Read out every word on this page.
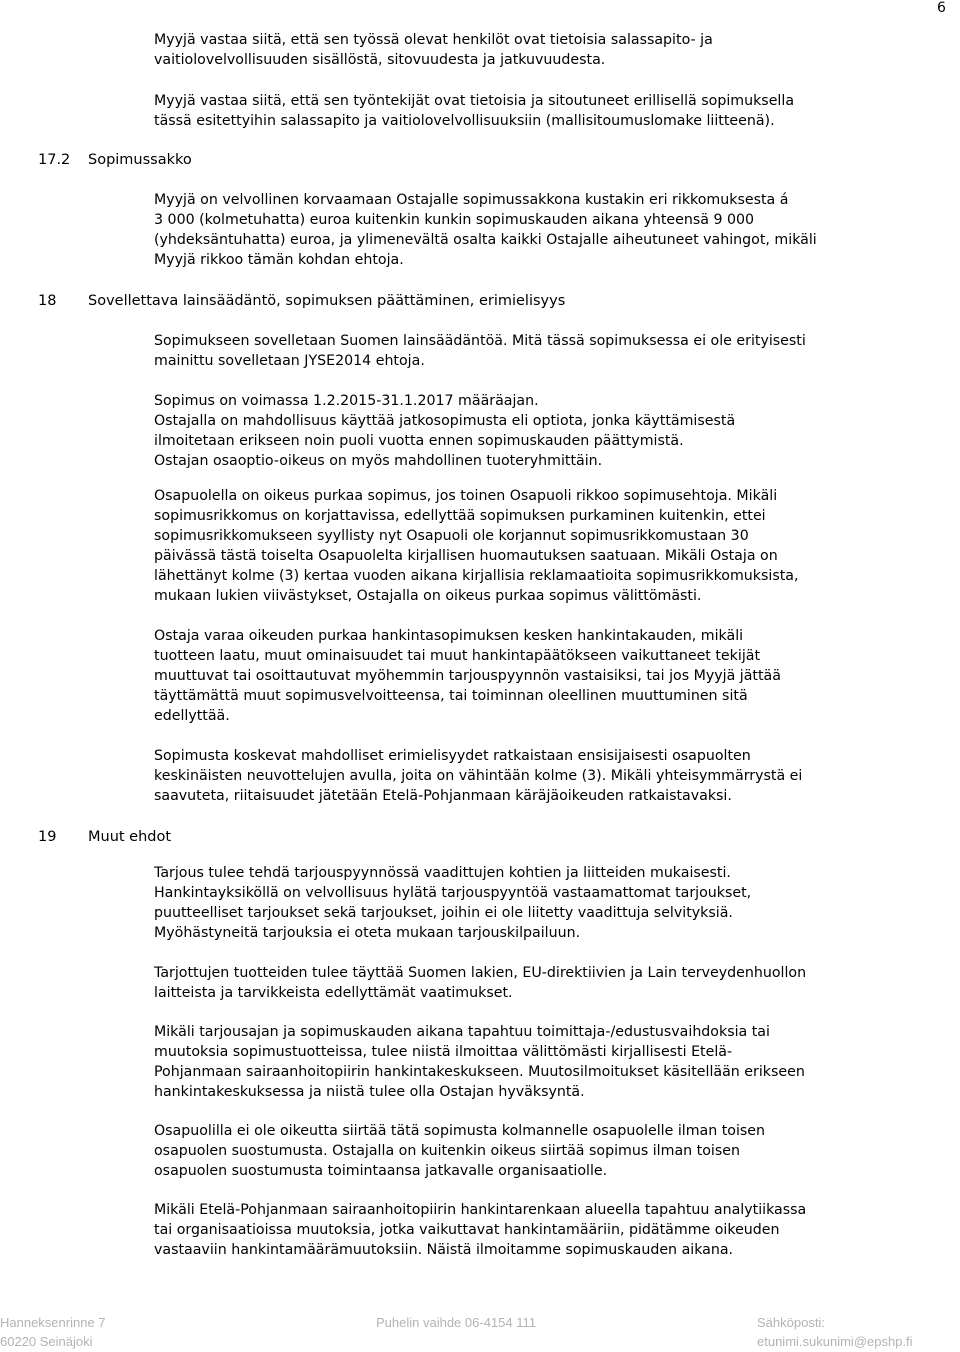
6

Myyjä vastaa siitä, että sen työssä olevat henkilöt ovat tietoisia salassapito- ja

vaitiolovelvollisuuden sisällöstä, sitovuudesta ja jatkuvuudesta.

Myyjä vastaa siitä, että sen työntekijät ovat tietoisia ja sitoutuneet erillisellä sopimuksella

tässä esitettyihin salassapito ja vaitiolovelvollisuuksiin (mallisitoumuslomake liitteenä).

17.2 Sopimussakko

Myyjä on velvollinen korvaamaan Ostajalle sopimussakkona kustakin eri rikkomuksesta á

3 000 (kolmetuhatta) euroa kuitenkin kunkin sopimuskauden aikana yhteensä 9 000

(yhdeksäntuhatta) euroa, ja ylimenevältä osalta kaikki Ostajalle aiheutuneet vahingot, mikäli

Myyjä rikkoo tämän kohdan ehtoja.

18 Sovellettava lainsäädäntö, sopimuksen päättäminen, erimielisyys

Sopimukseen sovelletaan Suomen lainsäädäntöä. Mitä tässä sopimuksessa ei ole erityisesti

mainittu sovelletaan JYSE2014 ehtoja.

Sopimus on voimassa 1.2.2015-31.1.2017 määräajan.

Ostajalla on mahdollisuus käyttää jatkosopimusta eli optiota, jonka käyttämisestä

ilmoitetaan erikseen noin puoli vuotta ennen sopimuskauden päättymistä.

Ostajan osaoptio-oikeus on myös mahdollinen tuoteryhmittäin.

Osapuolella on oikeus purkaa sopimus, jos toinen Osapuoli rikkoo sopimusehtoja. Mikäli

sopimusrikkomus on korjattavissa, edellyttää sopimuksen purkaminen kuitenkin, ettei

sopimusrikkomukseen syyllisty nyt Osapuoli ole korjannut sopimusrikkomustaan 30

päivässä tästä toiselta Osapuolelta kirjallisen huomautuksen saatuaan. Mikäli Ostaja on

lähettänyt kolme (3) kertaa vuoden aikana kirjallisia reklamaatioita sopimusrikkomuksista,

mukaan lukien viivästykset, Ostajalla on oikeus purkaa sopimus välittömästi.

Ostaja varaa oikeuden purkaa hankintasopimuksen kesken hankintakauden, mikäli

tuotteen laatu, muut ominaisuudet tai muut hankintapäätökseen vaikuttaneet tekijät

muuttuvat tai osoittautuvat myöhemmin tarjouspyynnön vastaisiksi, tai jos Myyjä jättää

täyttämättä muut sopimusvelvoitteensa, tai toiminnan oleellinen muuttuminen sitä

edellyttää.

Sopimusta koskevat mahdolliset erimielisyydet ratkaistaan ensisijaisesti osapuolten

keskinäisten neuvottelujen avulla, joita on vähintään kolme (3). Mikäli yhteisymmärrystä ei

saavuteta, riitaisuudet jätetään Etelä-Pohjanmaan käräjäoikeuden ratkaistavaksi.

19 Muut ehdot

Tarjous tulee tehdä tarjouspyynnössä vaadittujen kohtien ja liitteiden mukaisesti.

Hankintayksiköllä on velvollisuus hylätä tarjouspyyntöä vastaamattomat tarjoukset,

puutteelliset tarjoukset sekä tarjoukset, joihin ei ole liitetty vaadittuja selvityksiä.

Myöhästyneitä tarjouksia ei oteta mukaan tarjouskilpailuun.

Tarjottujen tuotteiden tulee täyttää Suomen lakien, EU-direktiivien ja Lain terveydenhuollon

laitteista ja tarvikkeista edellyttämät vaatimukset.

Mikäli tarjousajan ja sopimuskauden aikana tapahtuu toimittaja-/edustusvaihdoksia tai

muutoksia sopimustuotteissa, tulee niistä ilmoittaa välittömästi kirjallisesti Etelä-

Pohjanmaan sairaanhoitopiirin hankintakeskukseen. Muutosilmoitukset käsitellään erikseen

hankintakeskuksessa ja niistä tulee olla Ostajan hyväksyntä.

Osapuolilla ei ole oikeutta siirtää tätä sopimusta kolmannelle osapuolelle ilman toisen

osapuolen suostumusta. Ostajalla on kuitenkin oikeus siirtää sopimus ilman toisen

osapuolen suostumusta toimintaansa jatkavalle organisaatiolle.

Mikäli Etelä-Pohjanmaan sairaanhoitopiirin hankintarenkaan alueella tapahtuu analytiikassa

tai organisaatioissa muutoksia, jotka vaikuttavat hankintamääriin, pidätämme oikeuden

vastaaviin hankintamäärämuutoksiin. Näistä ilmoitamme sopimuskauden aikana.

Hanneksenrinne 7
60220 Seinäjoki
Puhelin vaihde 06-4154 111	Sähköposti:
etunimi.sukunimi@epshp.fi
